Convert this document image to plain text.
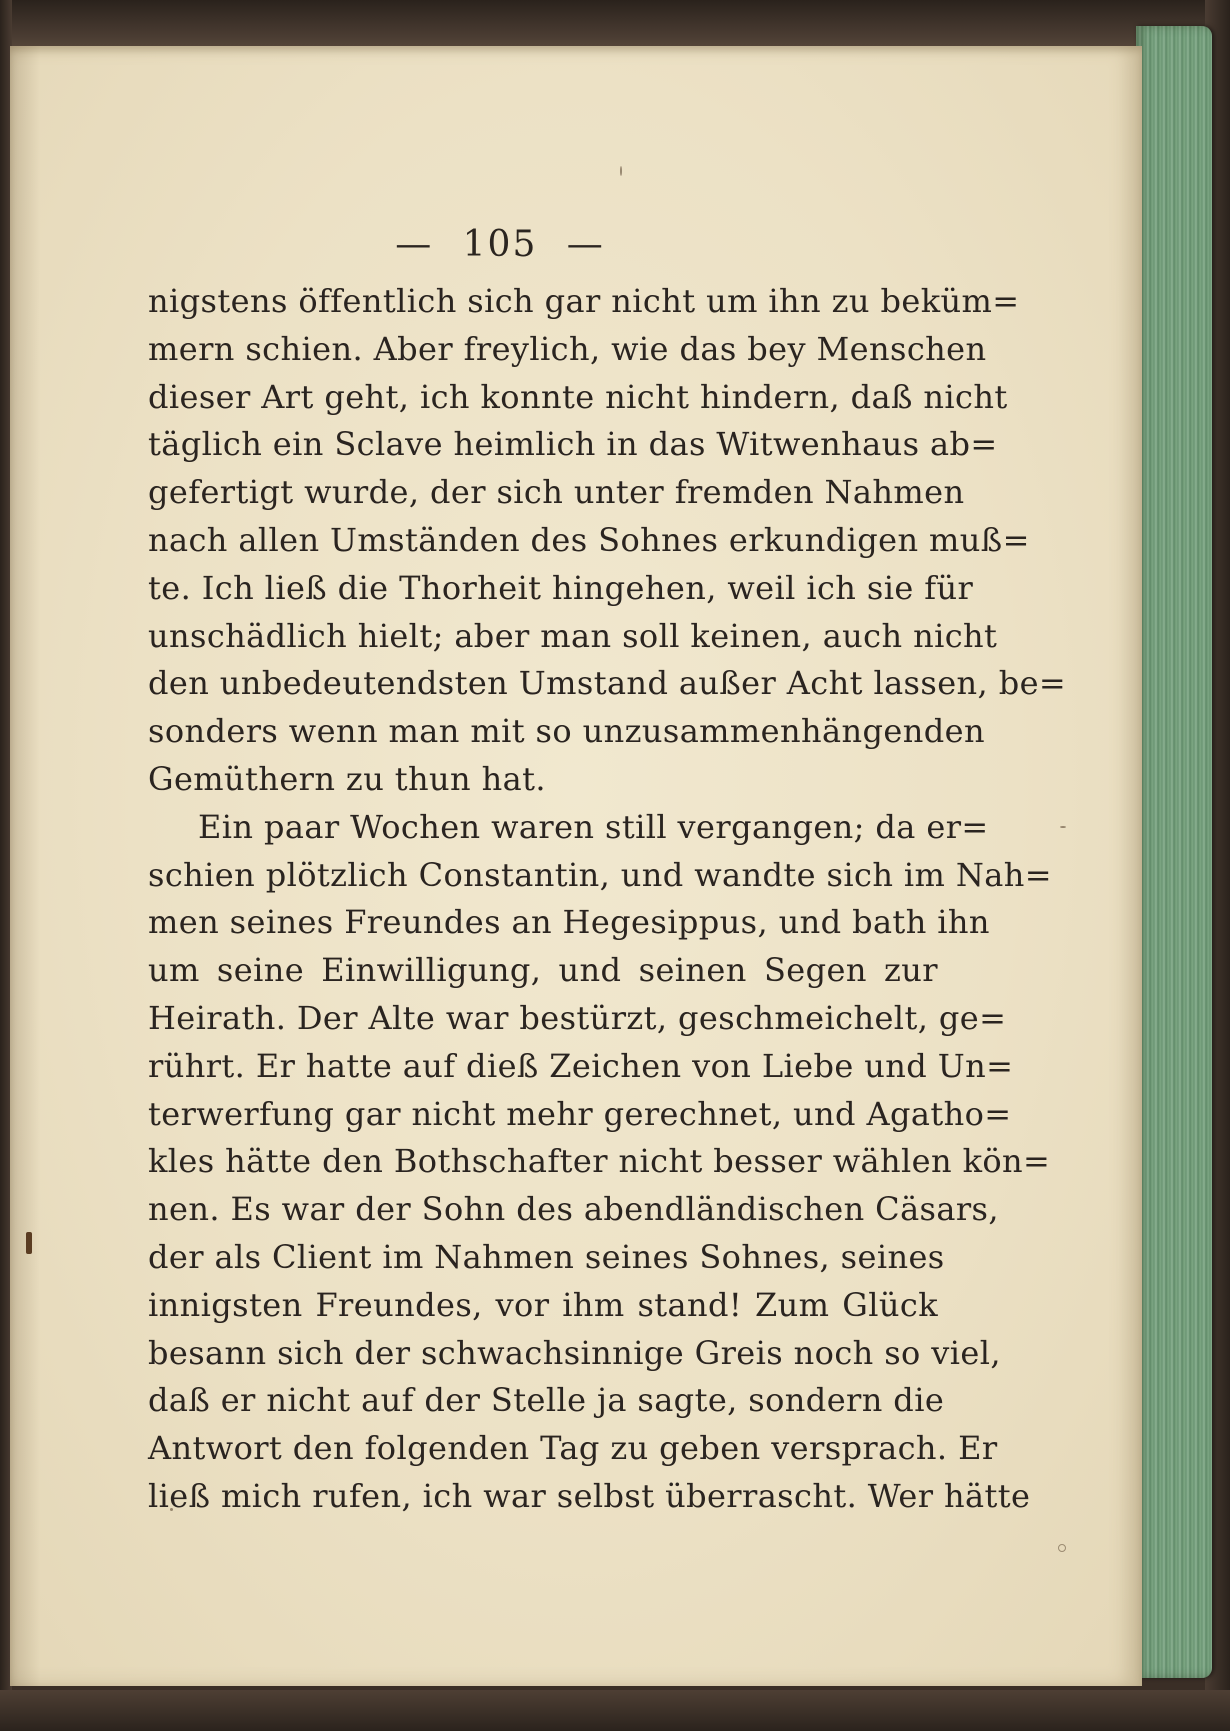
— 105 —
nigstens öffentlich sich gar nicht um ihn zu beküm=
mern schien. Aber freylich, wie das bey Menschen
dieser Art geht, ich konnte nicht hindern, daß nicht
täglich ein Sclave heimlich in das Witwenhaus ab=
gefertigt wurde, der sich unter fremden Nahmen
nach allen Umständen des Sohnes erkundigen muß=
te. Ich ließ die Thorheit hingehen, weil ich sie für
unschädlich hielt; aber man soll keinen, auch nicht
den unbedeutendsten Umstand außer Acht lassen, be=
sonders wenn man mit so unzusammenhängenden
Gemüthern zu thun hat.
Ein paar Wochen waren still vergangen; da er=
schien plötzlich Constantin, und wandte sich im Nah=
men seines Freundes an Hegesippus, und bath ihn
um seine Einwilligung, und seinen Segen zur
Heirath. Der Alte war bestürzt, geschmeichelt, ge=
rührt. Er hatte auf dieß Zeichen von Liebe und Un=
terwerfung gar nicht mehr gerechnet, und Agatho=
kles hätte den Bothschafter nicht besser wählen kön=
nen. Es war der Sohn des abendländischen Cäsars,
der als Client im Nahmen seines Sohnes, seines
innigsten Freundes, vor ihm stand! Zum Glück
besann sich der schwachsinnige Greis noch so viel,
daß er nicht auf der Stelle ja sagte, sondern die
Antwort den folgenden Tag zu geben versprach. Er
ließ mich rufen, ich war selbst überrascht. Wer hätte
